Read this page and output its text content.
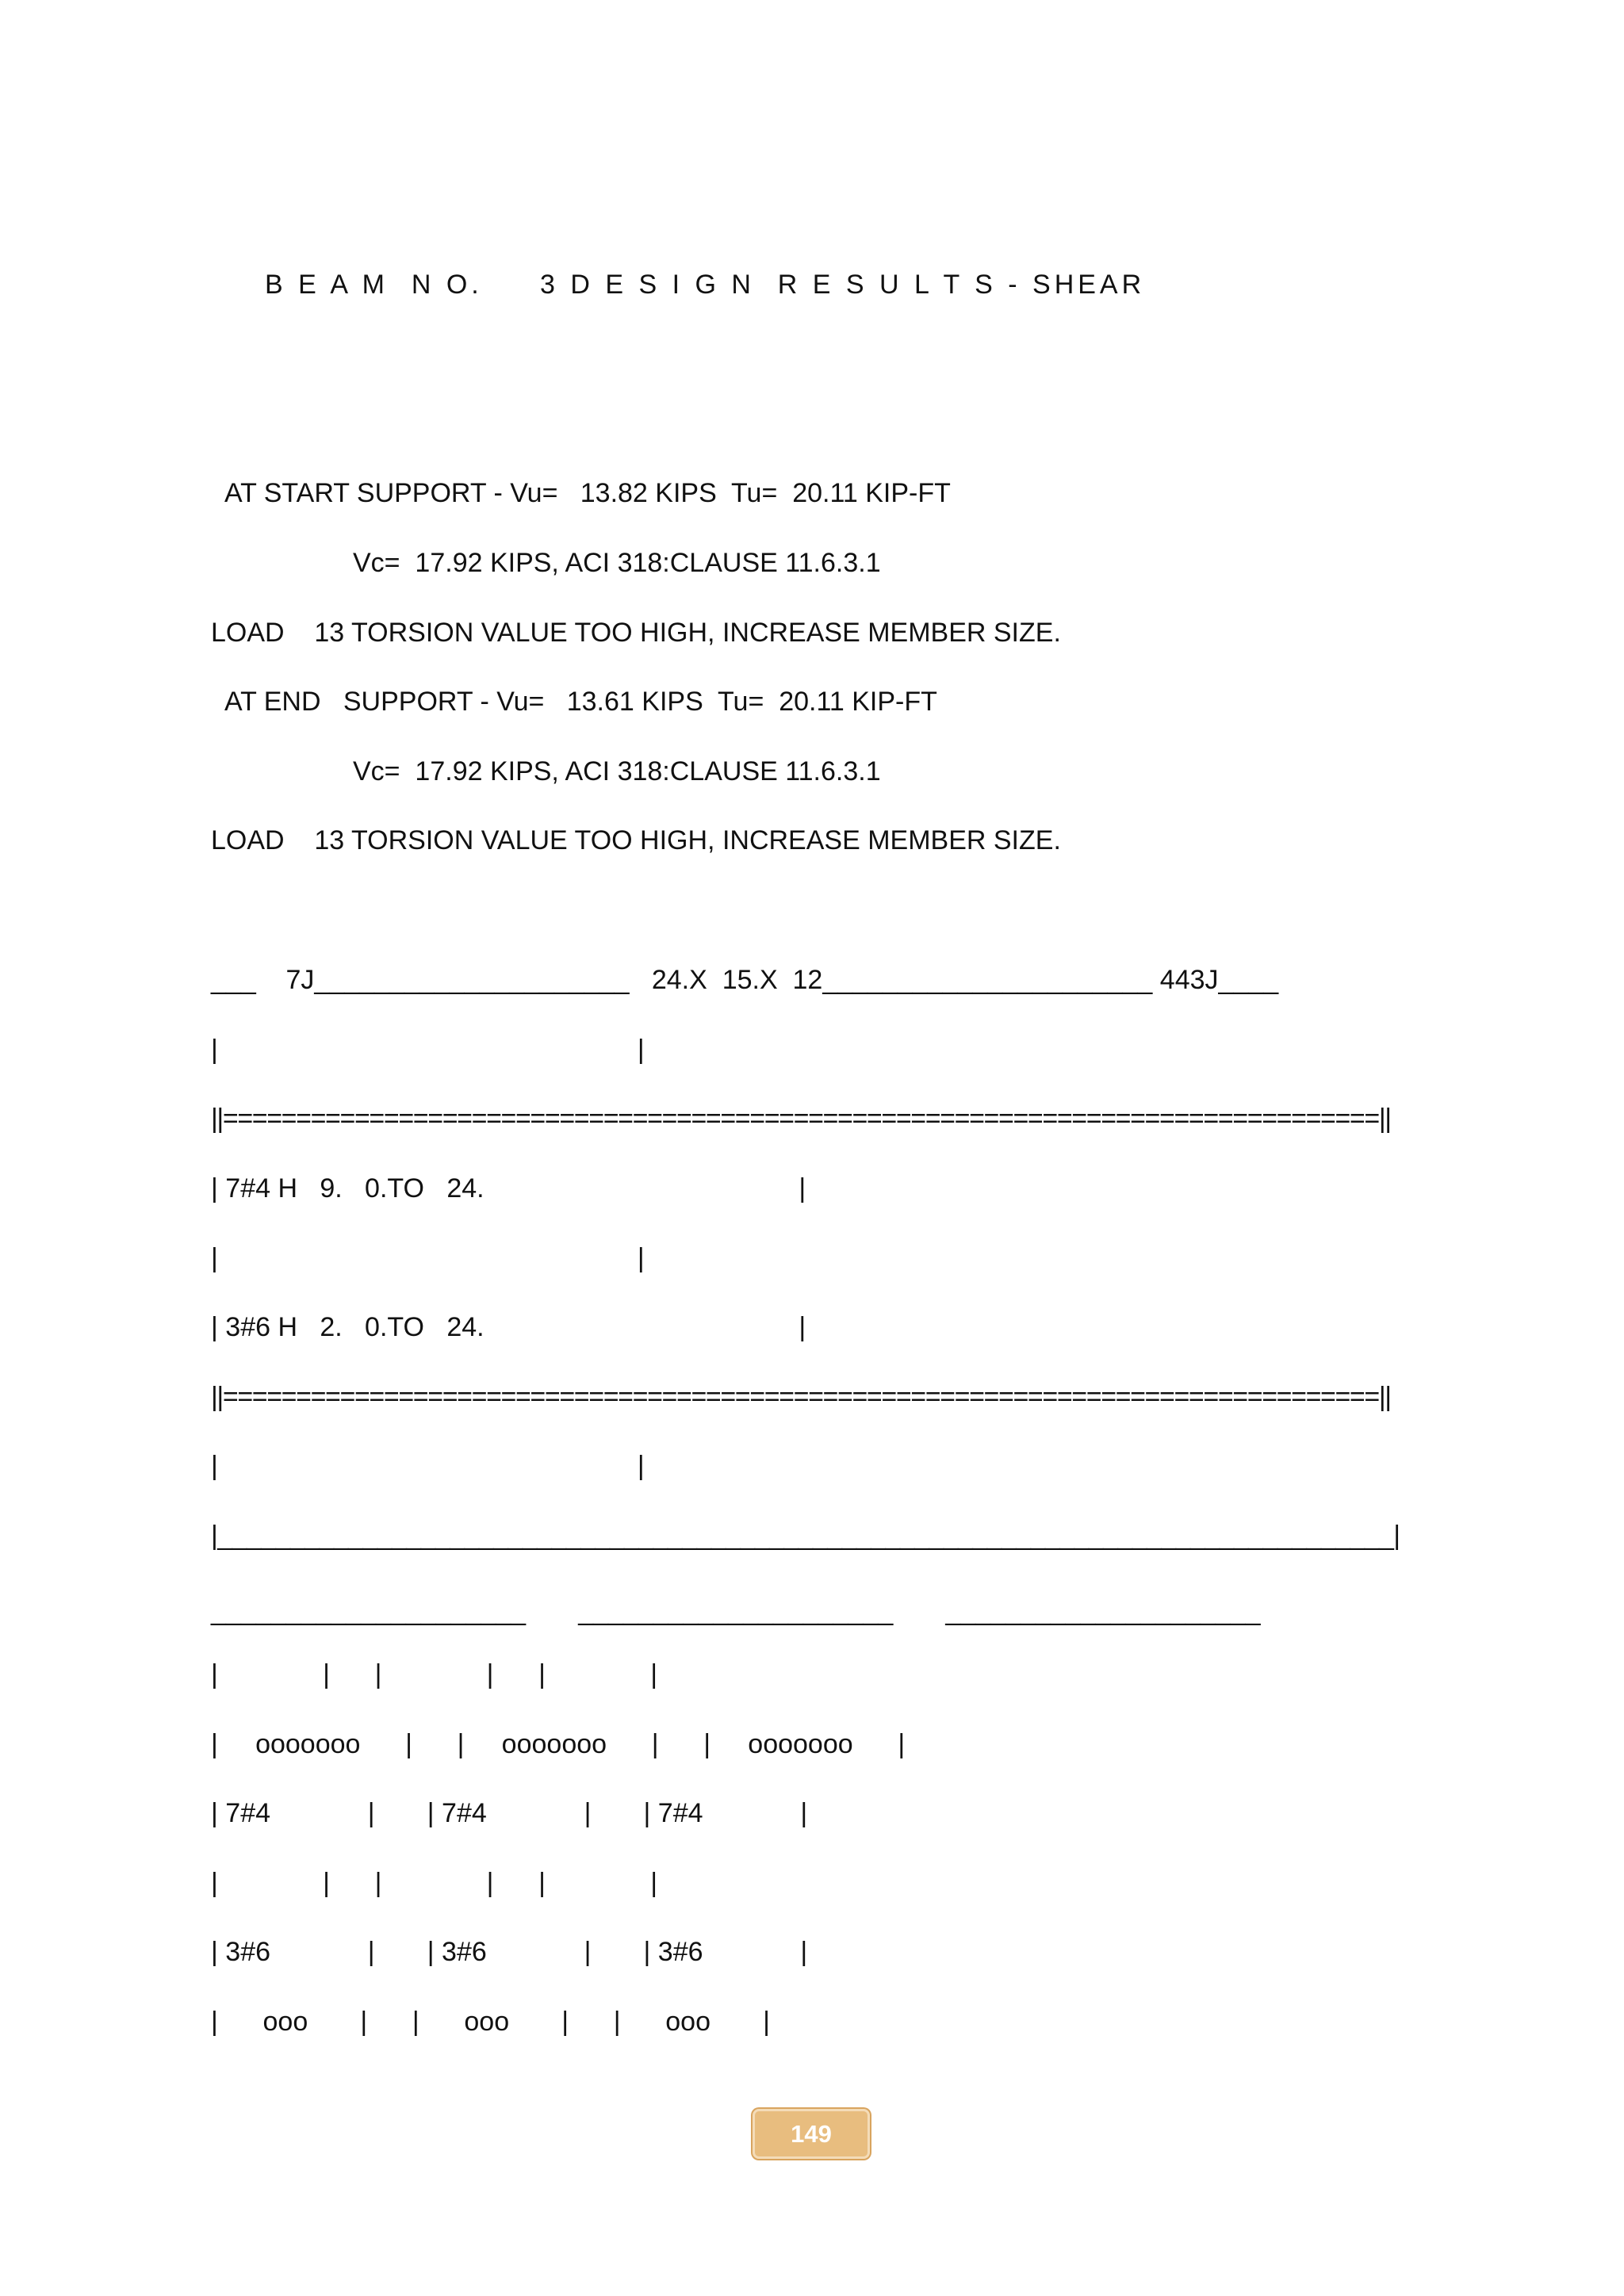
B E A M  N O.     3 D E S I G N  R E S U L T S - SHEAR

AT START SUPPORT - Vu=   13.82 KIPS  Tu=  20.11 KIP-FT

Vc=  17.92 KIPS, ACI 318:CLAUSE 11.6.3.1

LOAD    13 TORSION VALUE TOO HIGH, INCREASE MEMBER SIZE.

AT END   SUPPORT - Vu=   13.61 KIPS  Tu=  20.11 KIP-FT

Vc=  17.92 KIPS, ACI 318:CLAUSE 11.6.3.1

LOAD    13 TORSION VALUE TOO HIGH, INCREASE MEMBER SIZE.

___    7J_____________________   24.X  15.X  12______________________ 443J____

|                                                        |

||===============================================================================||

| 7#4 H   9.   0.TO   24.                                          |

|                                                        |

| 3#6 H   2.   0.TO   24.                                          |

||===============================================================================||

|                                                        |

|_________________________________________________________________________________|

_____________________       _____________________       _____________________

|              |      |              |      |              |

|     ooooooo      |      |     ooooooo      |      |     ooooooo      |

| 7#4             |       | 7#4             |       | 7#4             |

|              |      |              |      |              |

| 3#6             |       | 3#6             |       | 3#6             |

|      ooo       |      |      ooo       |      |      ooo       |

149
